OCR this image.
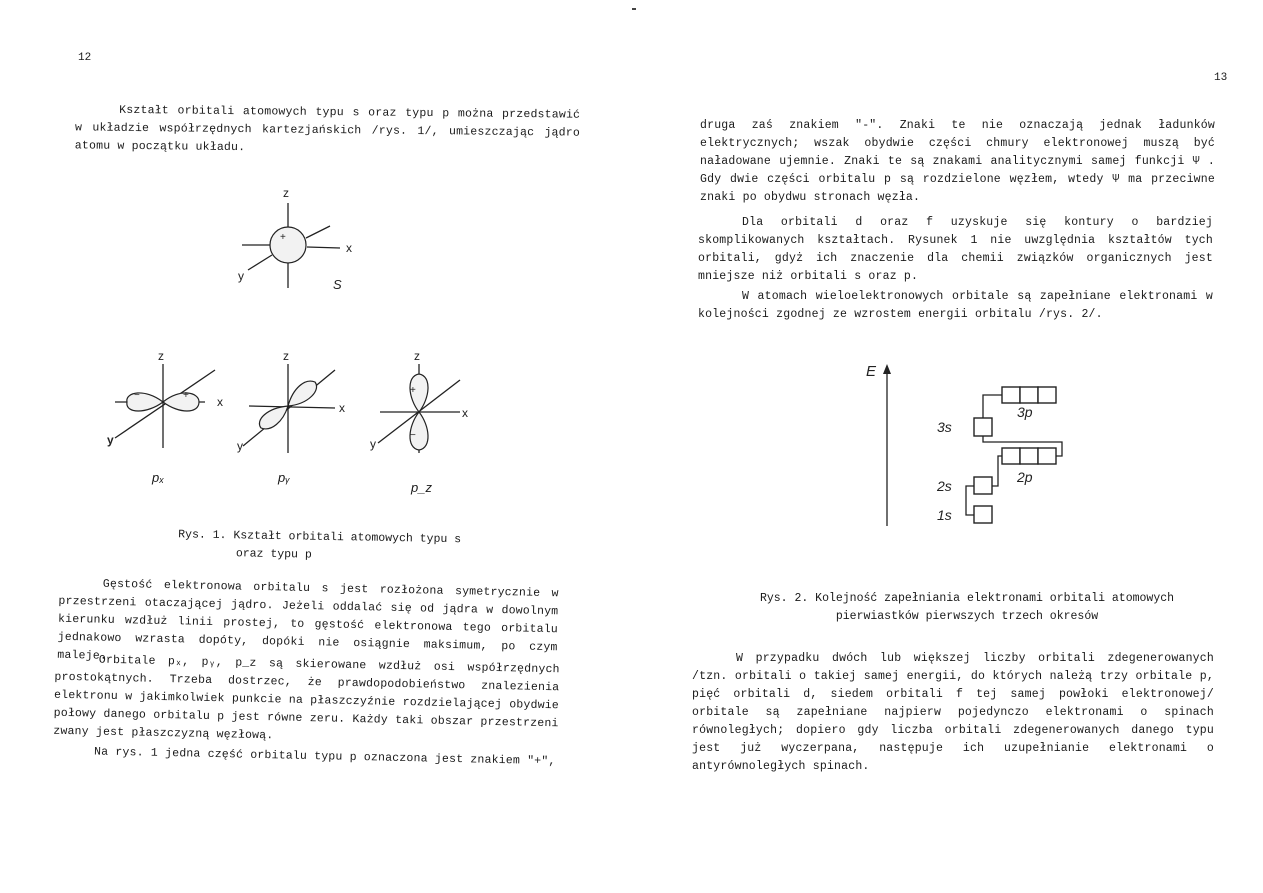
12
Kształt orbitali atomowych typu s oraz typu p można przedstawić w układzie współrzędnych kartezjańskich /rys. 1/, umieszczając jądro atomu w początku układu.
z
+
x
y
S
z
−	+ x
y
pₓ
z
x
y
pᵧ
z
+
−
x
y
p_z
Rys. 1. Kształt orbitali atomowych typu s
oraz typu p
Gęstość elektronowa orbitalu s jest rozłożona symetrycznie w przestrzeni otaczającej jądro. Jeżeli oddalać się od jądra w dowolnym kierunku wzdłuż linii prostej, to gęstość elektronowa tego orbitalu jednakowo wzrasta dopóty, dopóki nie osiągnie maksimum, po czym maleje.
Orbitale pₓ, pᵧ, p_z są skierowane wzdłuż osi współrzędnych prostokątnych. Trzeba dostrzec, że prawdopodobieństwo znalezienia elektronu w jakimkolwiek punkcie na płaszczyźnie rozdzielającej obydwie połowy danego orbitalu p jest równe zeru. Każdy taki obszar przestrzeni zwany jest płaszczyzną węzłową.
Na rys. 1 jedna część orbitalu typu p oznaczona jest znakiem "+",
13
druga zaś znakiem "-". Znaki te nie oznaczają jednak ładunków elektrycznych; wszak obydwie części chmury elektronowej muszą być naładowane ujemnie. Znaki te są znakami analitycznymi samej funkcji Ψ . Gdy dwie części orbitalu p są rozdzielone węzłem, wtedy Ψ ma przeciwne znaki po obydwu stronach węzła.
Dla orbitali d oraz f uzyskuje się kontury o bardziej skomplikowanych kształtach. Rysunek 1 nie uwzględnia kształtów tych orbitali, gdyż ich znaczenie dla chemii związków organicznych jest mniejsze niż orbitali s oraz p.
W atomach wieloelektronowych orbitale są zapełniane elektronami w kolejności zgodnej ze wzrostem energii orbitalu /rys. 2/.
E
3p
3s
2p
2s
1s
Rys. 2. Kolejność zapełniania elektronami orbitali atomowych
pierwiastków pierwszych trzech okresów
W przypadku dwóch lub większej liczby orbitali zdegenerowanych /tzn. orbitali o takiej samej energii, do których należą trzy orbitale p, pięć orbitali d, siedem orbitali f tej samej powłoki elektronowej/ orbitale są zapełniane najpierw pojedynczo elektronami o spinach równoległych; dopiero gdy liczba orbitali zdegenerowanych danego typu jest już wyczerpana, następuje ich uzupełnianie elektronami o antyrównoległych spinach.
